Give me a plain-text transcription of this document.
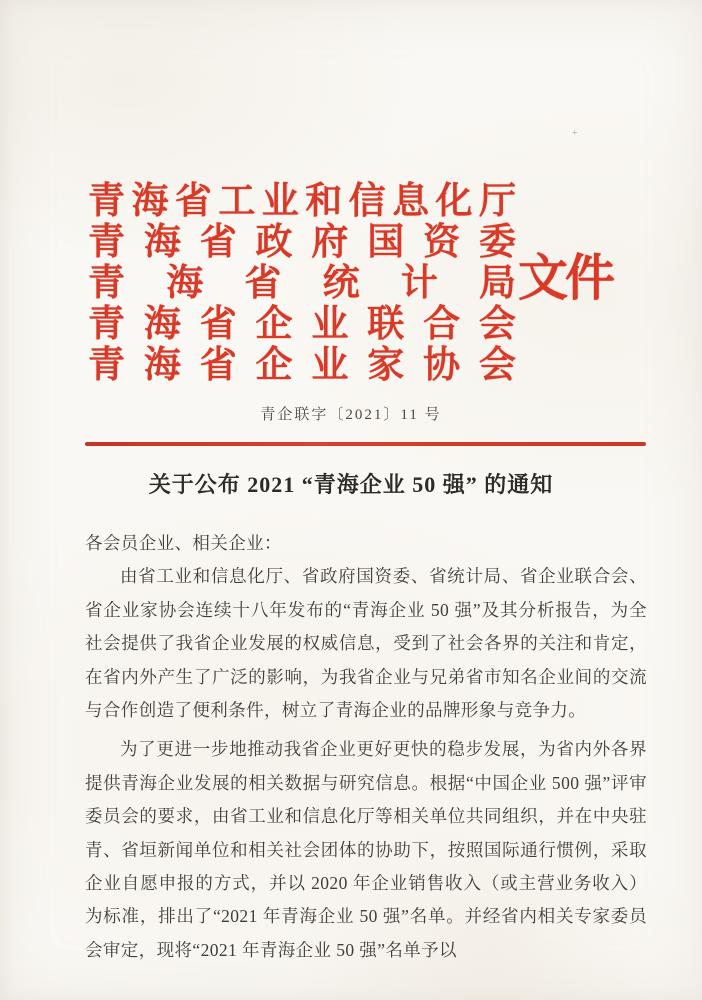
青 海 省 工 业 和 信 息 化 厅
青 海 省 政 府 国 资 委
青 海 省 统 计 局
青 海 省 企 业 联 合 会
青 海 省 企 业 家 协 会
文件
青企联字〔2021〕11 号
关于公布 2021 “青海企业 50 强” 的通知

各会员企业、相关企业：

由省工业和信息化厅、省政府国资委、省统计局、省企业联合会、省企业家协会连续十八年发布的“青海企业 50 强”及其分析报告，为全社会提供了我省企业发展的权威信息，受到了社会各界的关注和肯定，在省内外产生了广泛的影响，为我省企业与兄弟省市知名企业间的交流与合作创造了便利条件，树立了青海企业的品牌形象与竞争力。

为了更进一步地推动我省企业更好更快的稳步发展，为省内外各界提供青海企业发展的相关数据与研究信息。根据“中国企业 500 强”评审委员会的要求，由省工业和信息化厅等相关单位共同组织，并在中央驻青、省垣新闻单位和相关社会团体的协助下，按照国际通行惯例，采取企业自愿申报的方式，并以 2020 年企业销售收入（或主营业务收入）为标准，排出了“2021 年青海企业 50 强”名单。并经省内相关专家委员会审定，现将“2021 年青海企业 50 强”名单予以

+
